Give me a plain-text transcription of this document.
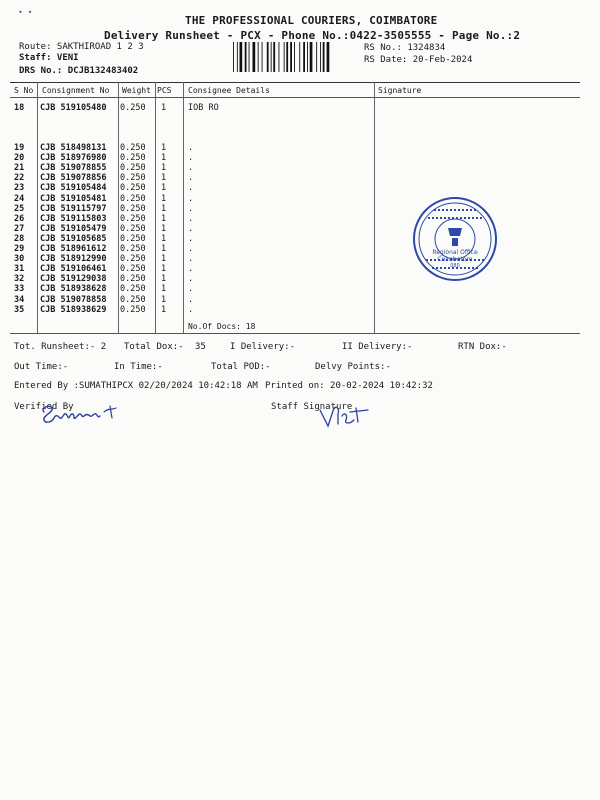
• •
THE PROFESSIONAL COURIERS, COIMBATORE
Delivery Runsheet - PCX - Phone No.:0422-3505555 - Page No.:2
Route: SAKTHIROAD 1 2 3
Staff: VENI
DRS No.: DCJB132483402
RS No.: 1324834
RS Date: 20-Feb-2024
S No Consignment No Weight PCS Consignee Details	Signature
18 CJB 519105480 0.250 1	IOB RO
19 CJB 518498131 0.250 1	.
20 CJB 518976980 0.250 1	.
21 CJB 519078855 0.250 1	.
22 CJB 519078856 0.250 1	.
23 CJB 519105484 0.250 1	.
24 CJB 519105481 0.250 1	.
25 CJB 519115797 0.250 1	.
26 CJB 519115803 0.250 1	.
27 CJB 519105479 0.250 1	.
28 CJB 519105685 0.250 1	.
29 CJB 518961612 0.250 1	.
30 CJB 518912990 0.250 1	.
31 CJB 519106461 0.250 1	.
32 CJB 519129038 0.250 1	.
33 CJB 518938628 0.250 1	.
34 CJB 519078858 0.250 1	.
35 CJB 518938629 0.250 1	.
No.Of Docs: 18
Regional Office
Coimbatore
080
Tot. Runsheet:- 2 Total Dox:- 35	I Delivery:-	II Delivery:-	RTN Dox:-
Out Time:-	In Time:-	Total POD:-	Delvy Points:-
Entered By :SUMATHIPCX 02/20/2024 10:42:18 AM Printed on: 20-02-2024 10:42:32
Verified By	Staff Signature
